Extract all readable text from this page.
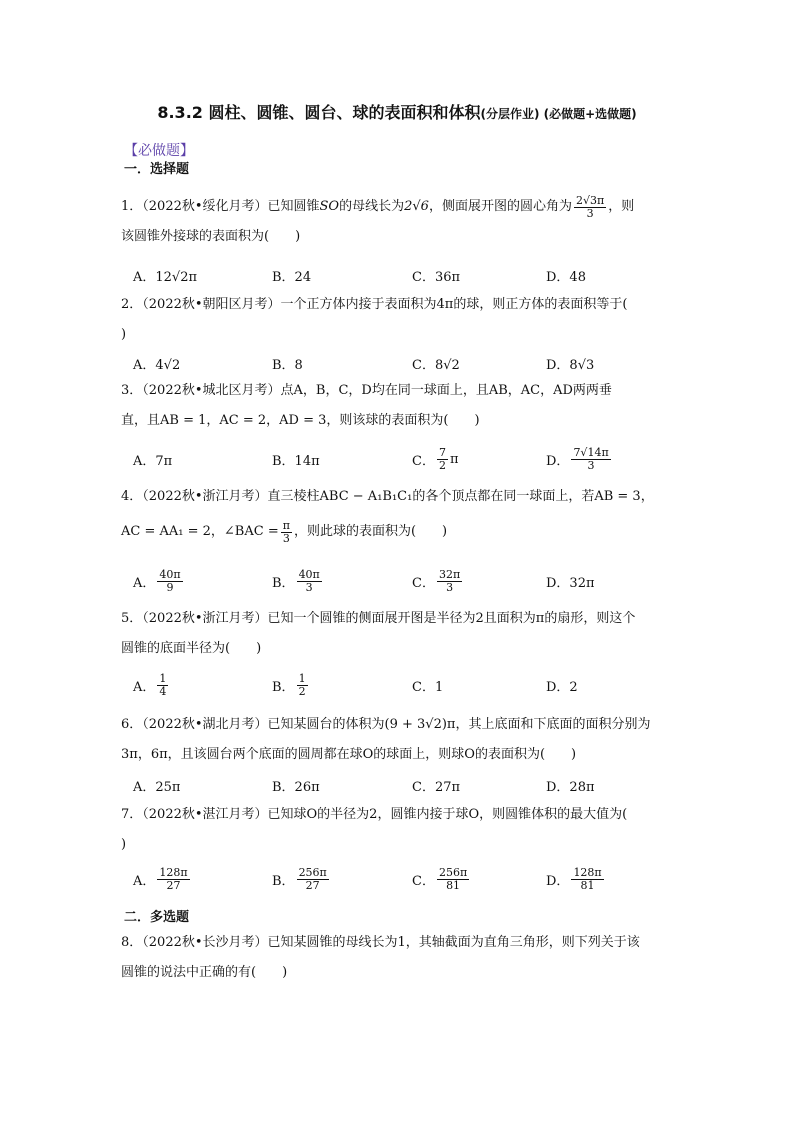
8.3.2 圆柱、圆锥、圆台、球的表面积和体积(分层作业) (必做题+选做题)
【必做题】
一．选择题
1．（2022秋•绥化月考）已知圆锥 SO 的母线长为 2√6 ，侧面展开图的圆心角为 $\frac{2√3\pi}{3}$ ，则
该圆锥外接球的表面积为(　　)
A．12√2π	B．24	C．36π	D．48
2．（2022秋•朝阳区月考）一个正方体内接于表面积为4π的球，则正方体的表面积等于(
)
A．4√2	B．8	C．8√2	D．8√3
3．（2022秋•城北区月考）点A，B，C，D均在同一球面上，且AB，AC，AD两两垂
直，且AB = 1，AC = 2，AD = 3，则该球的表面积为(　　)
A．7π	B．14π	C． $\frac{7}{2}$ π	D． $\frac{7√14\pi}{3}$
4．（2022秋•浙江月考）直三棱柱ABC − A₁B₁C₁的各个顶点都在同一球面上，若AB = 3，
AC = AA₁ = 2，∠BAC = $\frac{\pi}{3}$ ，则此球的表面积为(　　)
A． $\frac{40\pi}{9}$	B． $\frac{40\pi}{3}$	C． $\frac{32\pi}{3}$	D．32π
5．（2022秋•浙江月考）已知一个圆锥的侧面展开图是半径为2且面积为π的扇形，则这个
圆锥的底面半径为(　　)
A． $\frac{1}{4}$	B． $\frac{1}{2}$	C．1	D．2
6．（2022秋•湖北月考）已知某圆台的体积为(9 + 3√2)π，其上底面和下底面的面积分别为
3π，6π，且该圆台两个底面的圆周都在球O的球面上，则球O的表面积为(　　)
A．25π	B．26π	C．27π	D．28π
7．（2022秋•湛江月考）已知球O的半径为2，圆锥内接于球O，则圆锥体积的最大值为(
)
A． $\frac{128\pi}{27}$	B． $\frac{256\pi}{27}$	C． $\frac{256\pi}{81}$	D． $\frac{128\pi}{81}$
二．多选题
8．（2022秋•长沙月考）已知某圆锥的母线长为1，其轴截面为直角三角形，则下列关于该
圆锥的说法中正确的有(　　)
